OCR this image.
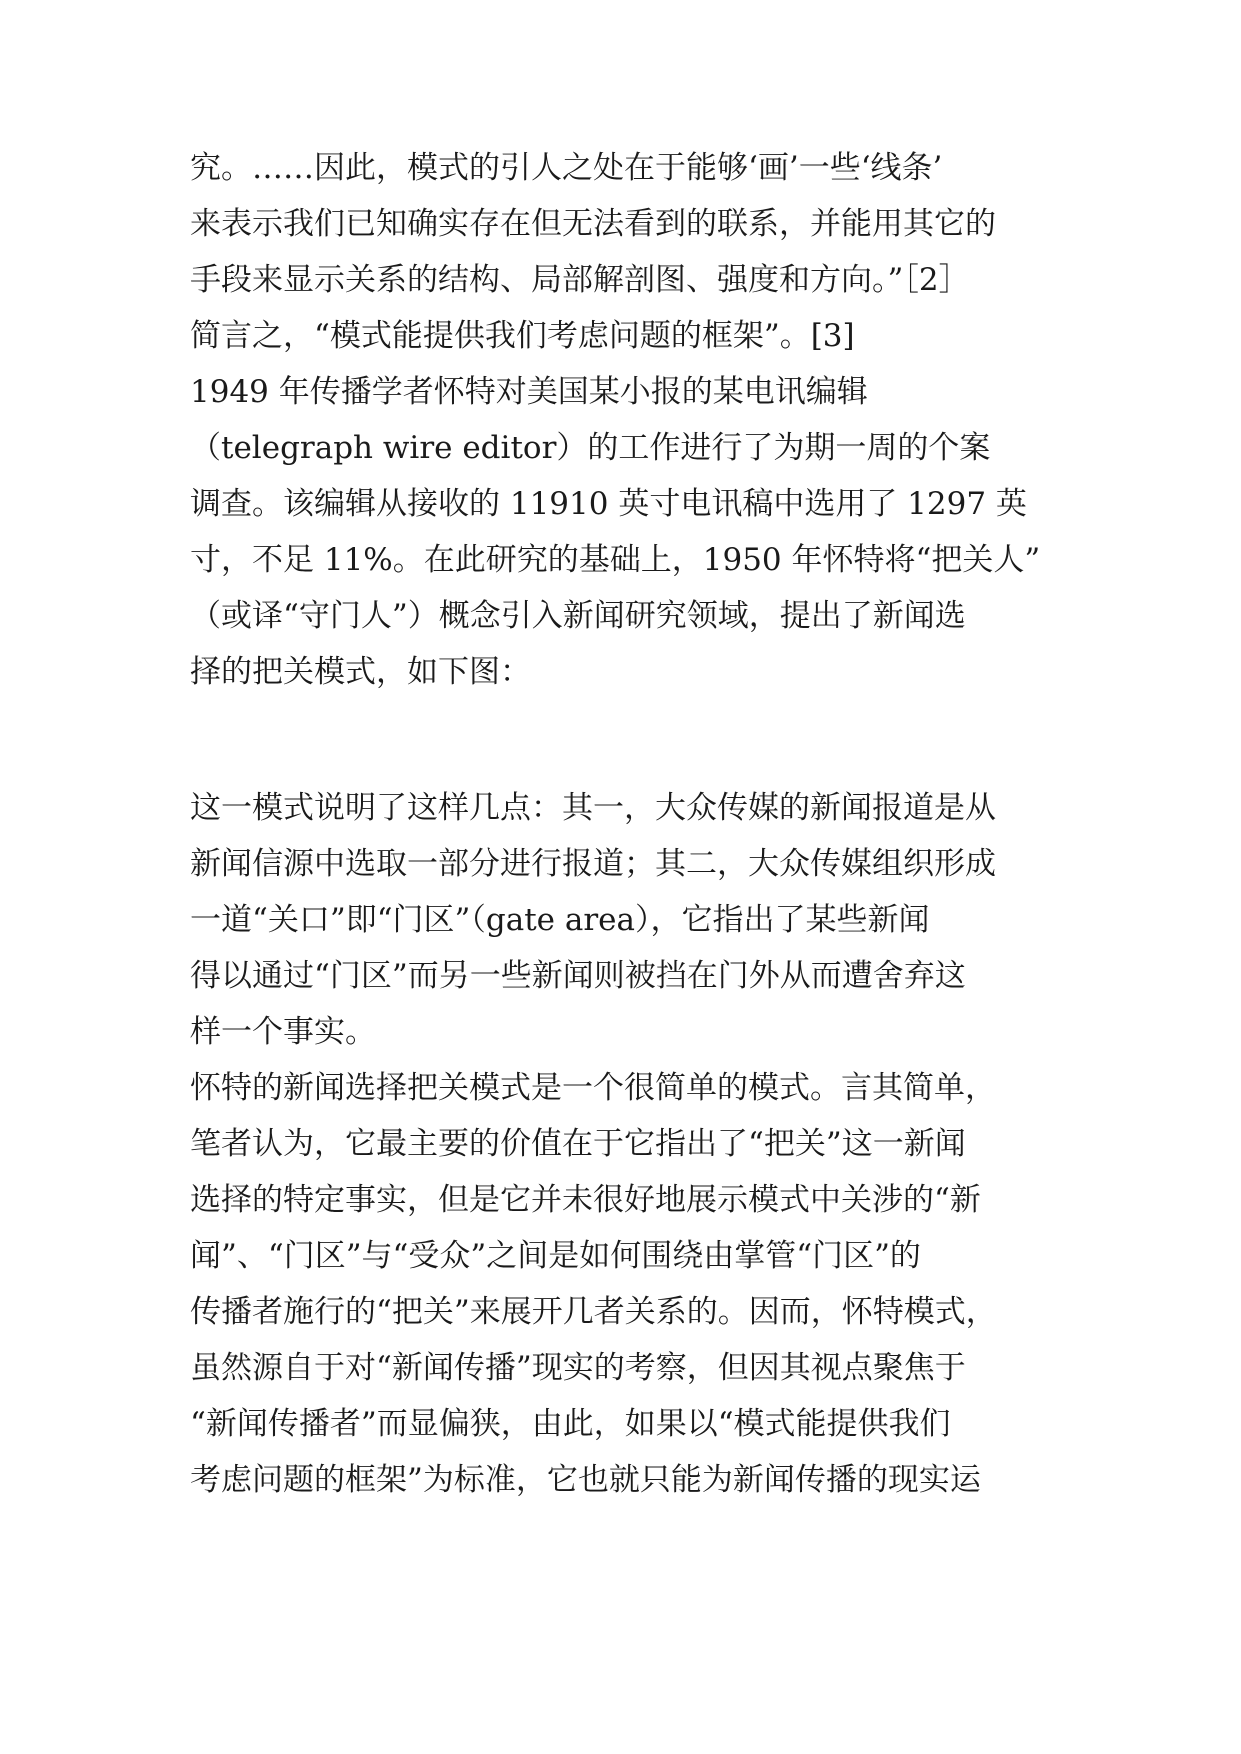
究。……因此，模式的引人之处在于能够‘画’一些‘线条’
来表示我们已知确实存在但无法看到的联系，并能用其它的
手段来显示关系的结构、局部解剖图、强度和方向。”［2］
简言之，“模式能提供我们考虑问题的框架”。[3]
1949 年传播学者怀特对美国某小报的某电讯编辑
（telegraph wire editor）的工作进行了为期一周的个案
调查。该编辑从接收的 11910 英寸电讯稿中选用了 1297 英
寸，不足 11%。在此研究的基础上，1950 年怀特将“把关人”
（或译“守门人”）概念引入新闻研究领域，提出了新闻选
择的把关模式，如下图：
这一模式说明了这样几点：其一，大众传媒的新闻报道是从
新闻信源中选取一部分进行报道；其二，大众传媒组织形成
一道“关口”即“门区”（gate area），它指出了某些新闻
得以通过“门区”而另一些新闻则被挡在门外从而遭舍弃这
样一个事实。
怀特的新闻选择把关模式是一个很简单的模式。言其简单，
笔者认为，它最主要的价值在于它指出了“把关”这一新闻
选择的特定事实，但是它并未很好地展示模式中关涉的“新
闻”、“门区”与“受众”之间是如何围绕由掌管“门区”的
传播者施行的“把关”来展开几者关系的。因而，怀特模式，
虽然源自于对“新闻传播”现实的考察，但因其视点聚焦于
“新闻传播者”而显偏狭，由此，如果以“模式能提供我们
考虑问题的框架”为标准，它也就只能为新闻传播的现实运
